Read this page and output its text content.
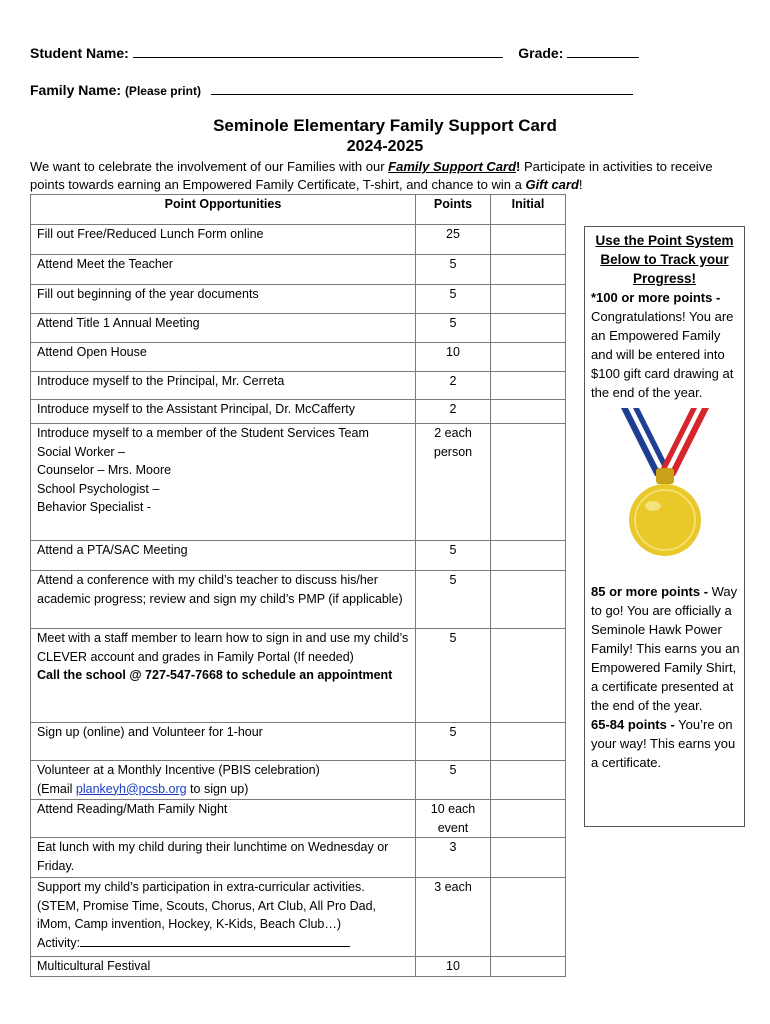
Student Name:	Grade:
Family Name: (Please print)
Seminole Elementary Family Support Card
2024-2025
We want to celebrate the involvement of our Families with our Family Support Card! Participate in activities to receive points towards earning an Empowered Family Certificate, T-shirt, and chance to win a Gift card!
Point Opportunities	Points	Initial

Fill out Free/Reduced Lunch Form online	25	

Attend Meet the Teacher	5	

Fill out beginning of the year documents	5	

Attend Title 1 Annual Meeting	5	

Attend Open House	10	

Introduce myself to the Principal, Mr. Cerreta	2	

Introduce myself to the Assistant Principal, Dr. McCafferty	2	

Introduce myself to a member of the Student Services Team
Social Worker –
Counselor – Mrs. Moore
School Psychologist –
Behavior Specialist -	2 each person	

Attend a PTA/SAC Meeting	5	

Attend a conference with my child’s teacher to discuss his/her academic progress; review and sign my child’s PMP (if applicable)	5	

Meet with a staff member to learn how to sign in and use my child’s CLEVER account and grades in Family Portal (If needed)
Call the school @ 727-547-7668 to schedule an appointment	5	

Sign up (online) and Volunteer for 1-hour	5	

Volunteer at a Monthly Incentive (PBIS celebration)
(Email plankeyh@pcsb.org to sign up)	5	

Attend Reading/Math Family Night	10 each event	

Eat lunch with my child during their lunchtime on Wednesday or Friday.	3	

Support my child’s participation in extra-curricular activities. (STEM, Promise Time, Scouts, Chorus, Art Club, All Pro Dad, iMom, Camp invention, Hockey, K-Kids, Beach Club…)
Activity:	3 each	

Multicultural Festival	10	
Use the Point System Below to Track your Progress!
*100 or more points - Congratulations! You are an Empowered Family and will be entered into $100 gift card drawing at the end of the year.
85 or more points - Way to go! You are officially a Seminole Hawk Power Family! This earns you an Empowered Family Shirt, a certificate presented at the end of the year.
65-84 points - You’re on your way! This earns you a certificate.
